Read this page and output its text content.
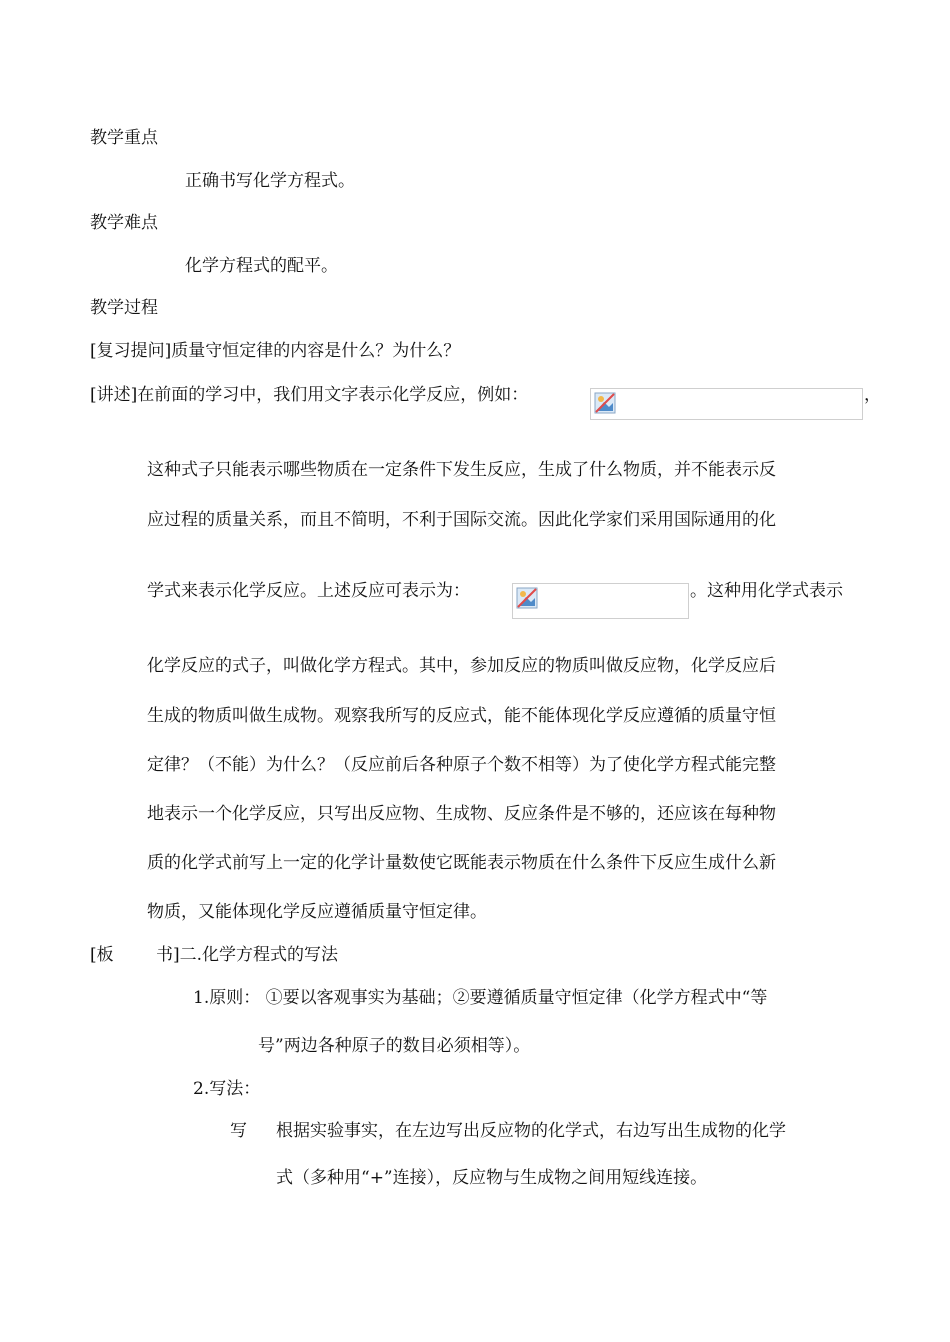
教学重点
正确书写化学方程式。
教学难点
化学方程式的配平。
教学过程
[复习提问]质量守恒定律的内容是什么？为什么？
[讲述]在前面的学习中，我们用文字表示化学反应，例如：	，
这种式子只能表示哪些物质在一定条件下发生反应，生成了什么物质，并不能表示反
应过程的质量关系，而且不简明，不利于国际交流。因此化学家们采用国际通用的化
学式来表示化学反应。上述反应可表示为：	。这种用化学式表示
化学反应的式子，叫做化学方程式。其中，参加反应的物质叫做反应物，化学反应后
生成的物质叫做生成物。观察我所写的反应式，能不能体现化学反应遵循的质量守恒
定律？（不能）为什么？（反应前后各种原子个数不相等）为了使化学方程式能完整
地表示一个化学反应，只写出反应物、生成物、反应条件是不够的，还应该在每种物
质的化学式前写上一定的化学计量数使它既能表示物质在什么条件下反应生成什么新
物质，又能体现化学反应遵循质量守恒定律。
[板 书]二.化学方程式的写法
1.原则： ①要以客观事实为基础；②要遵循质量守恒定律（化学方程式中“等
号”两边各种原子的数目必须相等）。
2.写法：
写 根据实验事实，在左边写出反应物的化学式，右边写出生成物的化学
式（多种用“+”连接），反应物与生成物之间用短线连接。
